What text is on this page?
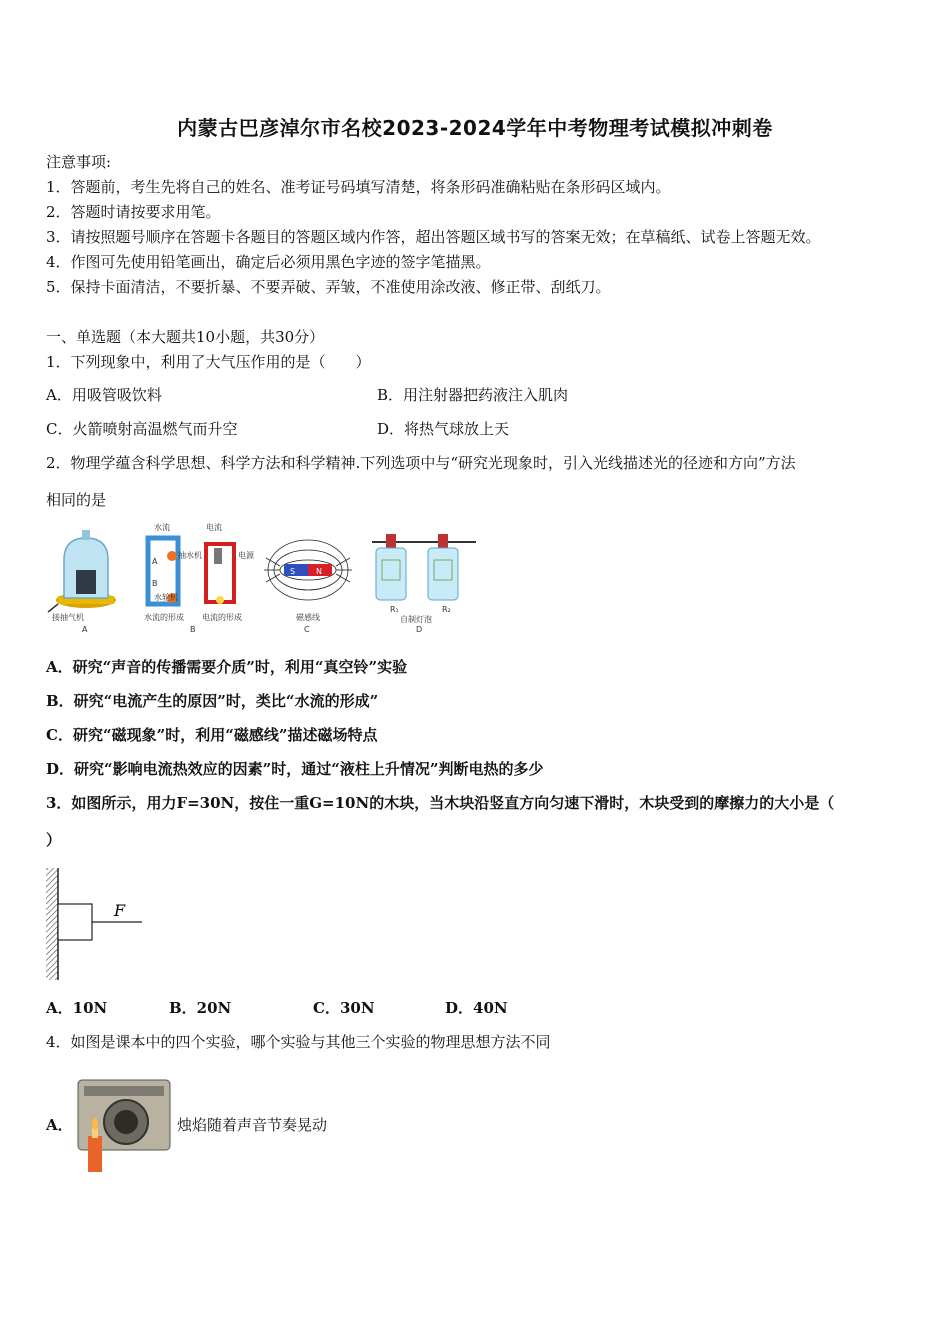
内蒙古巴彦淖尔市名校2023-2024学年中考物理考试模拟冲刺卷
注意事项:
1．答题前，考生先将自己的姓名、准考证号码填写清楚，将条形码准确粘贴在条形码区域内。
2．答题时请按要求用笔。
3．请按照题号顺序在答题卡各题目的答题区域内作答，超出答题区域书写的答案无效；在草稿纸、试卷上答题无效。
4．作图可先使用铅笔画出，确定后必须用黑色字迹的签字笔描黑。
5．保持卡面清洁，不要折暴、不要弄破、弄皱，不准使用涂改液、修正带、刮纸刀。
一、单选题（本大题共10小题，共30分）
1．下列现象中，利用了大气压作用的是（　　）
A．用吸管吸饮料	B．用注射器把药液注入肌肉
C．火箭喷射高温燃气而升空	D．将热气球放上天
2．物理学蕴含科学思想、科学方法和科学精神.下列选项中与“研究光现象时，引入光线描述光的径迹和方向”方法
相同的是
接抽气机
A
水流	电流
抽水机
A
B
水轮机
电源
水流的形成 电流的形成
B
S	N
磁感线
C
R₁	R₂
自制灯泡
D
A．研究“声音的传播需要介质”时，利用“真空铃”实验
B．研究“电流产生的原因”时，类比“水流的形成”
C．研究“磁现象”时，利用“磁感线”描述磁场特点
D．研究“影响电流热效应的因素”时，通过“液柱上升情况”判断电热的多少
3．如图所示，用力F=30N，按住一重G=10N的木块，当木块沿竖直方向匀速下滑时，木块受到的摩擦力的大小是（
）
F
A．10N	B．20N	C．30N	D．40N
4．如图是课本中的四个实验，哪个实验与其他三个实验的物理思想方法不同
A．	烛焰随着声音节奏晃动
